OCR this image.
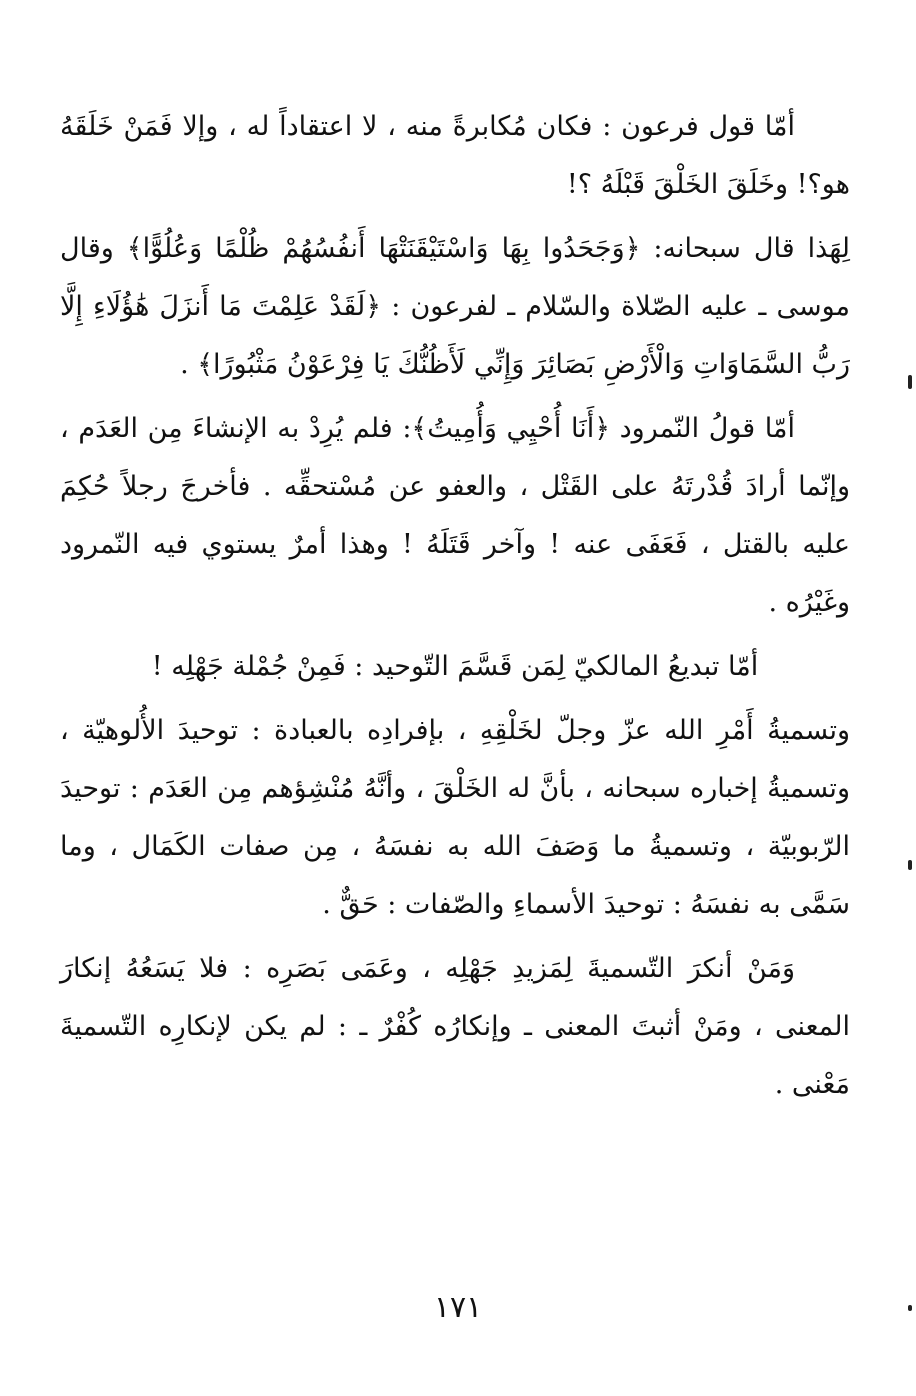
أمّا قول فرعون : فكان مُكابرةً منه ، لا اعتقاداً له ، وإلا فَمَنْ خَلَقَهُ هو؟! وخَلَقَ الخَلْقَ قَبْلَهُ ؟!

لِهَذا قال سبحانه: ﴿وَجَحَدُوا بِهَا وَاسْتَيْقَنَتْهَا أَنفُسُهُمْ ظُلْمًا وَعُلُوًّا﴾ وقال موسى ـ عليه الصّلاة والسّلام ـ لفرعون : ﴿لَقَدْ عَلِمْتَ مَا أَنزَلَ هَٰؤُلَاءِ إِلَّا رَبُّ السَّمَاوَاتِ وَالْأَرْضِ بَصَائِرَ وَإِنِّي لَأَظُنُّكَ يَا فِرْعَوْنُ مَثْبُورًا﴾ .

أمّا قولُ النّمرود ﴿أَنَا أُحْيِي وَأُمِيتُ﴾: فلم يُرِدْ به الإنشاءَ مِن العَدَم ، وإنّما أرادَ قُدْرتَهُ على القَتْل ، والعفو عن مُسْتحقِّه . فأخرجَ رجلاً حُكِمَ عليه بالقتل ، فَعَفَى عنه ! وآخر قَتَلَهُ ! وهذا أمرٌ يستوي فيه النّمرود وغَيْرُه .

أمّا تبديعُ المالكيّ لِمَن قَسَّمَ التّوحيد : فَمِنْ جُمْلة جَهْلِه !

وتسميةُ أَمْرِ الله عزّ وجلّ لخَلْقِهِ ، بإفرادِه بالعبادة : توحيدَ الأُلوهيّة ، وتسميةُ إخباره سبحانه ، بأنَّ له الخَلْقَ ، وأنَّهُ مُنْشِؤهم مِن العَدَم : توحيدَ الرّبوبيّة ، وتسميةُ ما وَصَفَ الله به نفسَهُ ، مِن صفات الكَمَال ، وما سَمَّى به نفسَهُ : توحيدَ الأسماءِ والصّفات : حَقٌّ .

وَمَنْ أنكرَ التّسميةَ لِمَزيدِ جَهْلِه ، وعَمَى بَصَرِه : فلا يَسَعُهُ إنكارَ المعنى ، ومَنْ أثبتَ المعنى ـ وإنكارُه كُفْرٌ ـ : لم يكن لإنكارِه التّسميةَ مَعْنى .

١٧١
